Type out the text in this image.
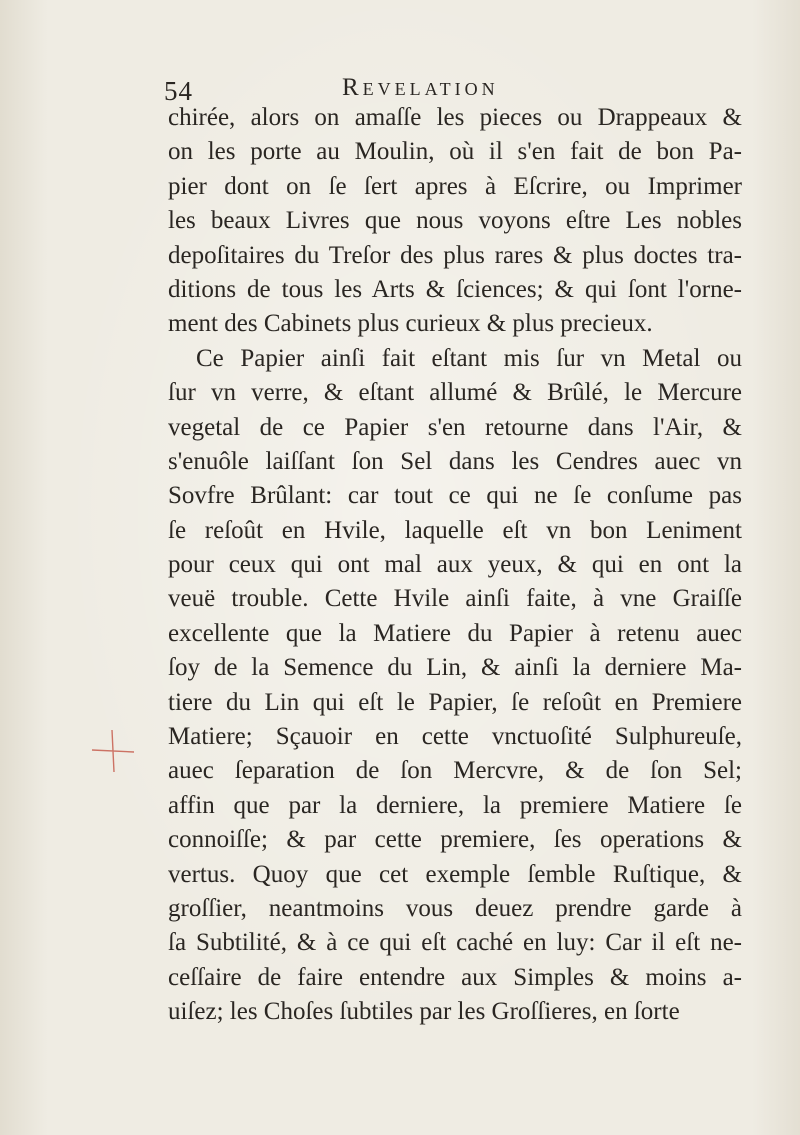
54	Revelation
chirée, alors on amaſſe les pieces ou Drappeaux &
on les porte au Moulin, où il s'en fait de bon Pa-
pier dont on ſe ſert apres à Eſcrire, ou Imprimer
les beaux Livres que nous voyons eſtre Les nobles
depoſitaires du Treſor des plus rares & plus doctes tra-
ditions de tous les Arts & ſciences; & qui ſont l'orne-
ment des Cabinets plus curieux & plus precieux.
Ce Papier ainſi fait eſtant mis ſur vn Metal ou
ſur vn verre, & eſtant allumé & Brûlé, le Mercure
vegetal de ce Papier s'en retourne dans l'Air, &
s'enuôle laiſſant ſon Sel dans les Cendres auec vn
Sovfre Brûlant: car tout ce qui ne ſe conſume pas
ſe reſoût en Hvile, laquelle eſt vn bon Leniment
pour ceux qui ont mal aux yeux, & qui en ont la
veuë trouble. Cette Hvile ainſi faite, à vne Graiſſe
excellente que la Matiere du Papier à retenu auec
ſoy de la Semence du Lin, & ainſi la derniere Ma-
tiere du Lin qui eſt le Papier, ſe reſoût en Premiere
Matiere; Sçauoir en cette vnctuoſité Sulphureuſe,
auec ſeparation de ſon Mercvre, & de ſon Sel;
affin que par la derniere, la premiere Matiere ſe
connoiſſe; & par cette premiere, ſes operations &
vertus. Quoy que cet exemple ſemble Ruſtique, &
groſſier, neantmoins vous deuez prendre garde à
ſa Subtilité, & à ce qui eſt caché en luy: Car il eſt ne-
ceſſaire de faire entendre aux Simples & moins a-
uiſez; les Choſes ſubtiles par les Groſſieres, en ſorte
